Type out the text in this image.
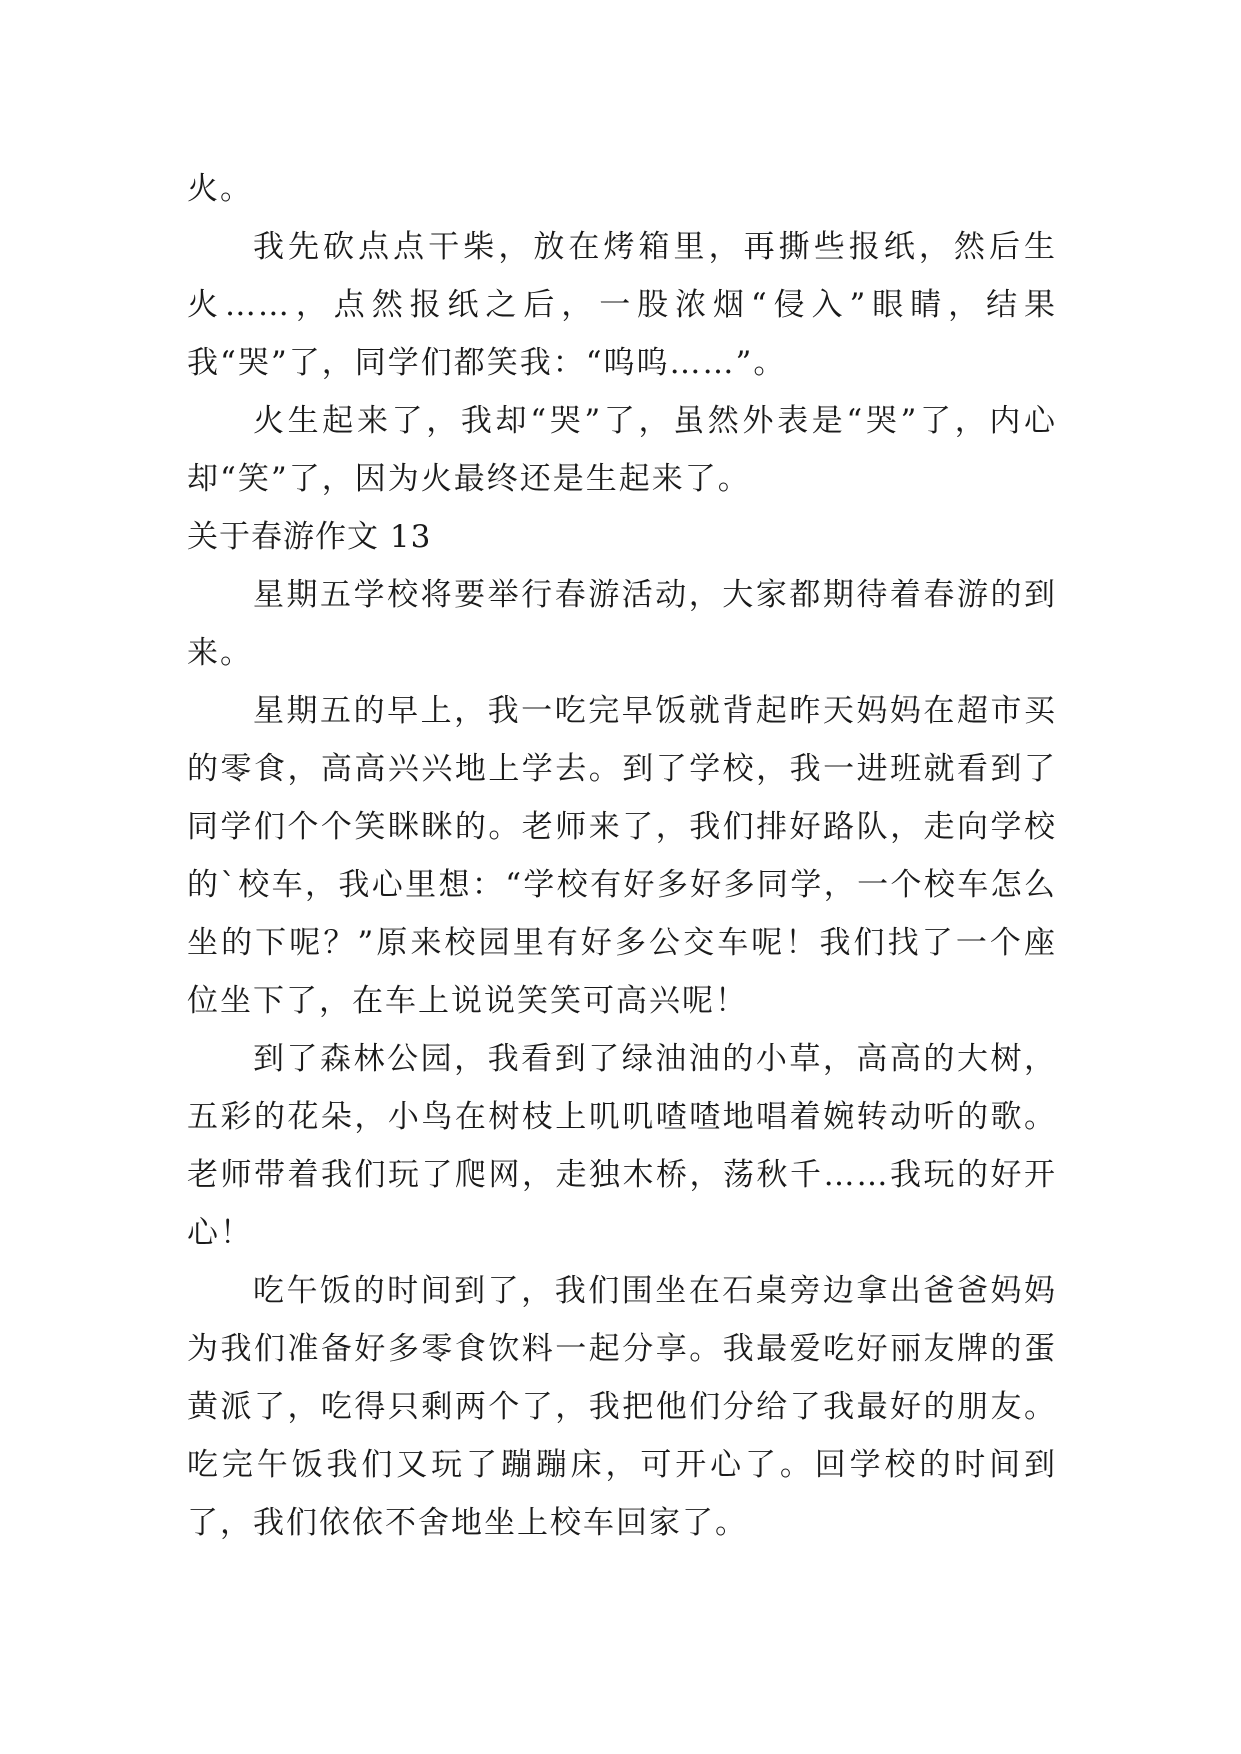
火。

我先砍点点干柴，放在烤箱里，再撕些报纸，然后生火……，点然报纸之后，一股浓烟“侵入”眼睛，结果我“哭”了，同学们都笑我：“呜呜……”。

火生起来了，我却“哭”了，虽然外表是“哭”了，内心却“笑”了，因为火最终还是生起来了。

关于春游作文 13

星期五学校将要举行春游活动，大家都期待着春游的到来。

星期五的早上，我一吃完早饭就背起昨天妈妈在超市买的零食，高高兴兴地上学去。到了学校，我一进班就看到了同学们个个笑眯眯的。老师来了，我们排好路队，走向学校的`校车，我心里想：“学校有好多好多同学，一个校车怎么坐的下呢？”原来校园里有好多公交车呢！我们找了一个座位坐下了，在车上说说笑笑可高兴呢！

到了森林公园，我看到了绿油油的小草，高高的大树，五彩的花朵，小鸟在树枝上叽叽喳喳地唱着婉转动听的歌。老师带着我们玩了爬网，走独木桥，荡秋千……我玩的好开心！

吃午饭的时间到了，我们围坐在石桌旁边拿出爸爸妈妈为我们准备好多零食饮料一起分享。我最爱吃好丽友牌的蛋黄派了，吃得只剩两个了，我把他们分给了我最好的朋友。吃完午饭我们又玩了蹦蹦床，可开心了。回学校的时间到了，我们依依不舍地坐上校车回家了。
